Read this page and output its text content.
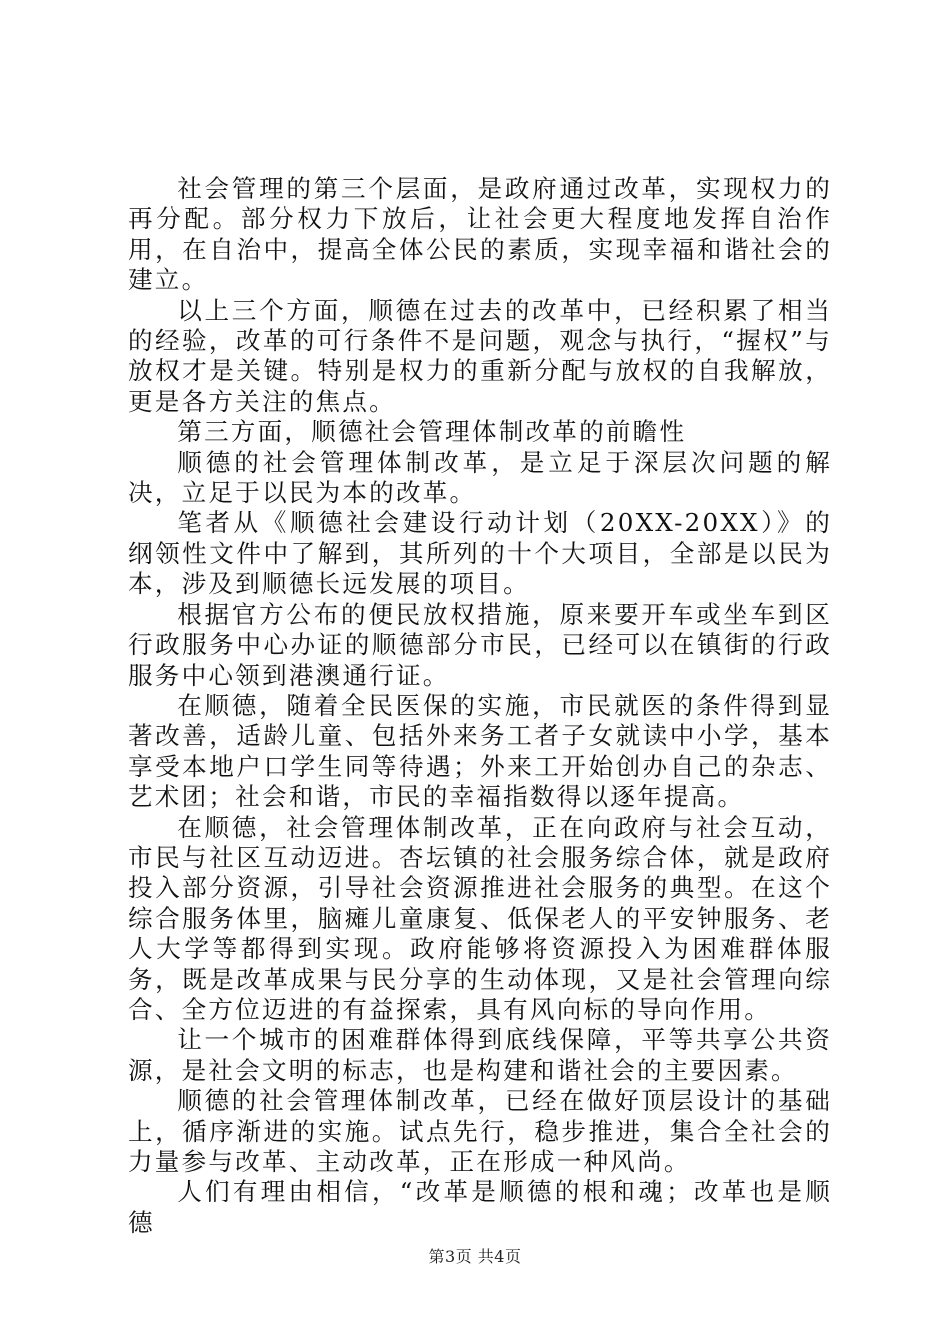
社会管理的第三个层面，是政府通过改革，实现权力的再分配。部分权力下放后，让社会更大程度地发挥自治作用，在自治中，提高全体公民的素质，实现幸福和谐社会的建立。

以上三个方面，顺德在过去的改革中，已经积累了相当的经验，改革的可行条件不是问题，观念与执行，“握权”与放权才是关键。特别是权力的重新分配与放权的自我解放，更是各方关注的焦点。

第三方面，顺德社会管理体制改革的前瞻性

顺德的社会管理体制改革，是立足于深层次问题的解决，立足于以民为本的改革。

笔者从《顺德社会建设行动计划（20XX-20XX）》的纲领性文件中了解到，其所列的十个大项目，全部是以民为本，涉及到顺德长远发展的项目。

根据官方公布的便民放权措施，原来要开车或坐车到区行政服务中心办证的顺德部分市民，已经可以在镇街的行政服务中心领到港澳通行证。

在顺德，随着全民医保的实施，市民就医的条件得到显著改善，适龄儿童、包括外来务工者子女就读中小学，基本享受本地户口学生同等待遇；外来工开始创办自己的杂志、艺术团；社会和谐，市民的幸福指数得以逐年提高。

在顺德，社会管理体制改革，正在向政府与社会互动，市民与社区互动迈进。杏坛镇的社会服务综合体，就是政府投入部分资源，引导社会资源推进社会服务的典型。在这个综合服务体里，脑瘫儿童康复、低保老人的平安钟服务、老人大学等都得到实现。政府能够将资源投入为困难群体服务，既是改革成果与民分享的生动体现，又是社会管理向综合、全方位迈进的有益探索，具有风向标的导向作用。

让一个城市的困难群体得到底线保障，平等共享公共资源，是社会文明的标志，也是构建和谐社会的主要因素。

顺德的社会管理体制改革，已经在做好顶层设计的基础上，循序渐进的实施。试点先行，稳步推进，集合全社会的力量参与改革、主动改革，正在形成一种风尚。

人们有理由相信，“改革是顺德的根和魂；改革也是顺德

第3页 共4页
